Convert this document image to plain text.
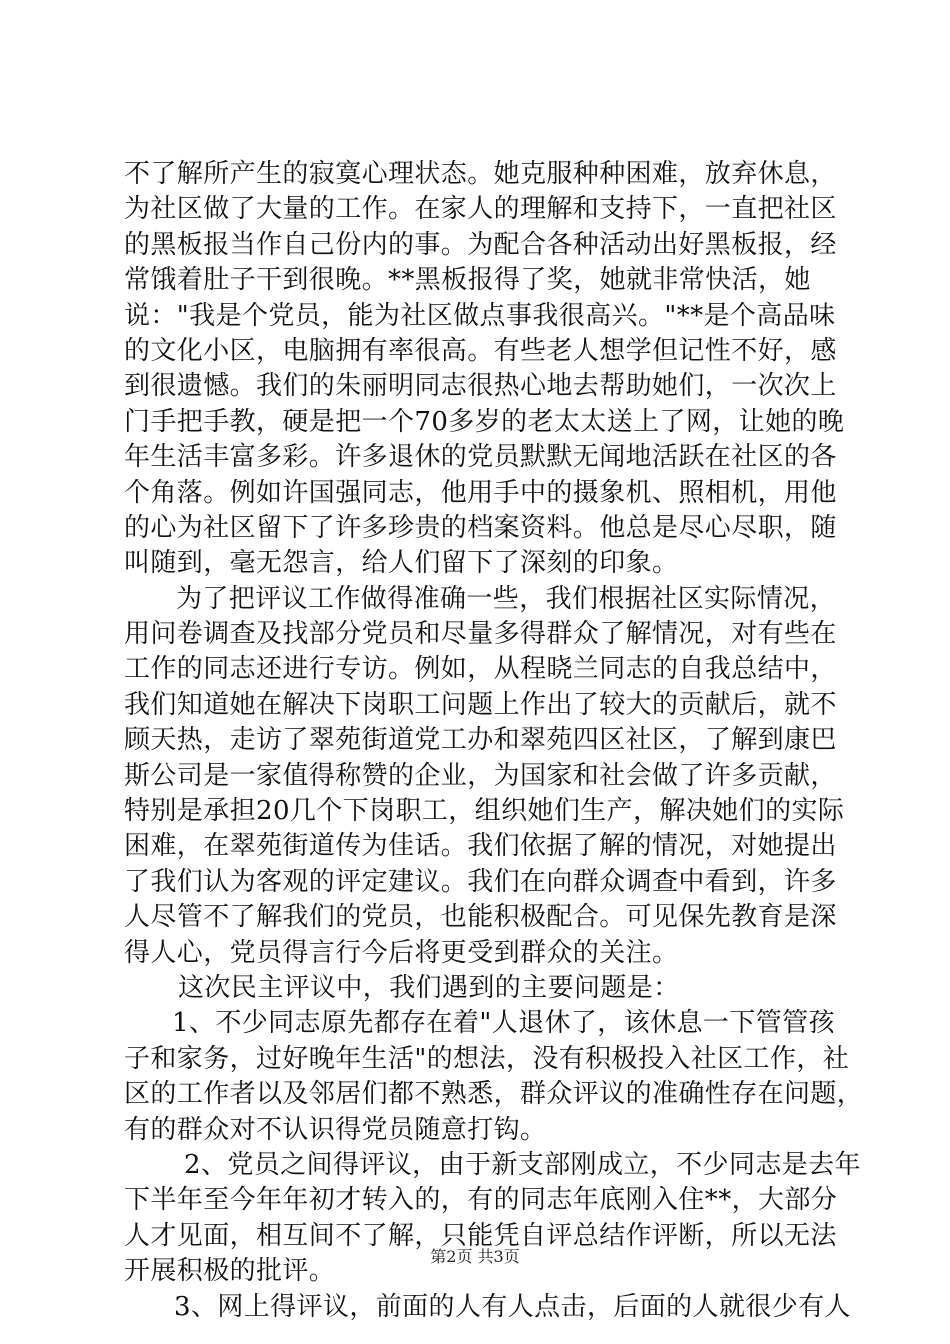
不了解所产生的寂寞心理状态。她克服种种困难，放弃休息，
为社区做了大量的工作。在家人的理解和支持下，一直把社区
的黑板报当作自己份内的事。为配合各种活动出好黑板报，经
常饿着肚子干到很晚。**黑板报得了奖，她就非常快活，她
说："我是个党员，能为社区做点事我很高兴。"**是个高品味
的文化小区，电脑拥有率很高。有些老人想学但记性不好，感
到很遗憾。我们的朱丽明同志很热心地去帮助她们，一次次上
门手把手教，硬是把一个70多岁的老太太送上了网，让她的晚
年生活丰富多彩。许多退休的党员默默无闻地活跃在社区的各
个角落。例如许国强同志，他用手中的摄象机、照相机，用他
的心为社区留下了许多珍贵的档案资料。他总是尽心尽职，随
叫随到，毫无怨言，给人们留下了深刻的印象。
为了把评议工作做得准确一些，我们根据社区实际情况，
用问卷调查及找部分党员和尽量多得群众了解情况，对有些在
工作的同志还进行专访。例如，从程晓兰同志的自我总结中，
我们知道她在解决下岗职工问题上作出了较大的贡献后，就不
顾天热，走访了翠苑街道党工办和翠苑四区社区，了解到康巴
斯公司是一家值得称赞的企业，为国家和社会做了许多贡献，
特别是承担20几个下岗职工，组织她们生产，解决她们的实际
困难，在翠苑街道传为佳话。我们依据了解的情况，对她提出
了我们认为客观的评定建议。我们在向群众调查中看到，许多
人尽管不了解我们的党员，也能积极配合。可见保先教育是深
得人心，党员得言行今后将更受到群众的关注。
这次民主评议中，我们遇到的主要问题是：
1、不少同志原先都存在着"人退休了，该休息一下管管孩
子和家务，过好晚年生活"的想法，没有积极投入社区工作，社
区的工作者以及邻居们都不熟悉，群众评议的准确性存在问题，
有的群众对不认识得党员随意打钩。
2、党员之间得评议，由于新支部刚成立，不少同志是去年
下半年至今年年初才转入的，有的同志年底刚入住**，大部分
人才见面，相互间不了解，只能凭自评总结作评断，所以无法
开展积极的批评。
3、网上得评议，前面的人有人点击，后面的人就很少有人
第2页 共3页
